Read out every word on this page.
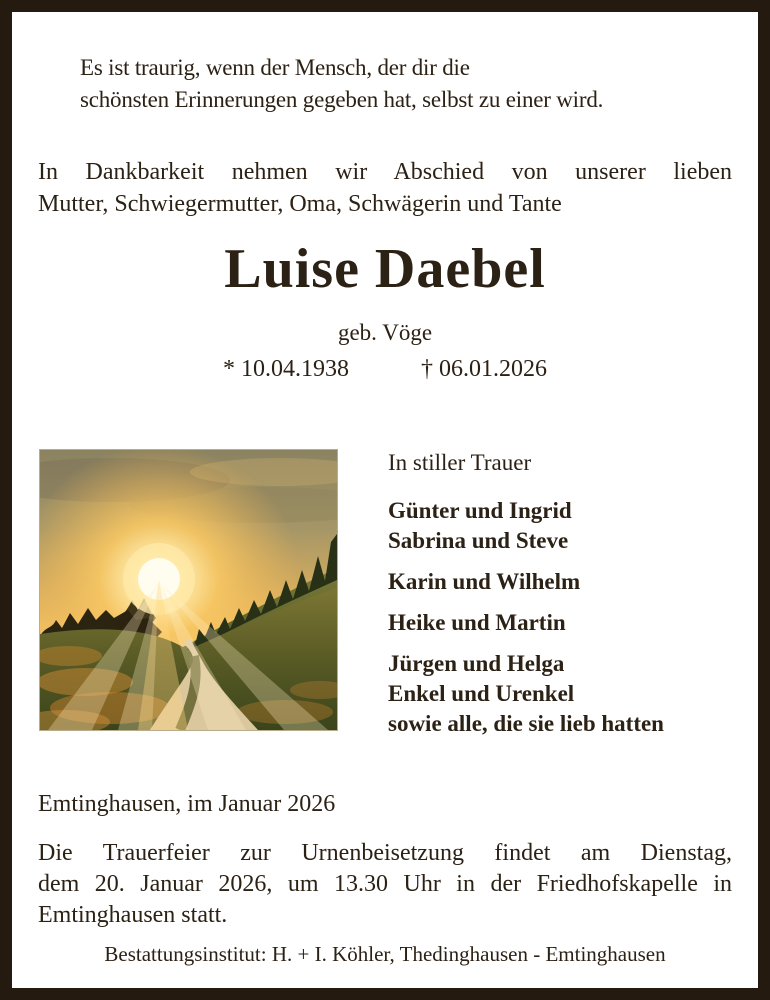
Es ist traurig, wenn der Mensch, der dir die
schönsten Erinnerungen gegeben hat, selbst zu einer wird.
In Dankbarkeit nehmen wir Abschied von unserer lieben
Mutter, Schwiegermutter, Oma, Schwägerin und Tante
Luise Daebel
geb. Vöge
* 10.04.1938	† 06.01.2026
In stiller Trauer
Günter und Ingrid
Sabrina und Steve
Karin und Wilhelm
Heike und Martin
Jürgen und Helga
Enkel und Urenkel
sowie alle, die sie lieb hatten
Emtinghausen, im Januar 2026
Die Trauerfeier zur Urnenbeisetzung findet am Dienstag,
dem 20. Januar 2026, um 13.30 Uhr in der Friedhofskapelle in
Emtinghausen statt.
Bestattungsinstitut: H. + I. Köhler, Thedinghausen - Emtinghausen
